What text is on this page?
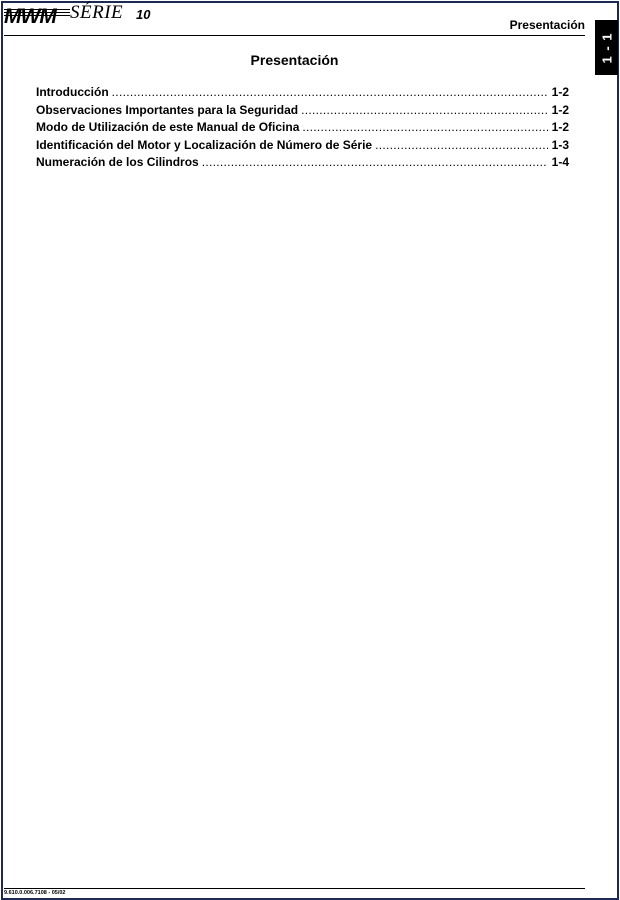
MWM SÉRIE 10
Presentación
1 - 1
Presentación
Introducción .....	1-2
Observaciones Importantes para la Seguridad .....	1-2
Modo de Utilización de este Manual de Oficina .....	1-2
Identificación del Motor y Localización de Número de Série .....	1-3
Numeración de los Cilindros .....	1-4
9.610.0.006.7108 - 05/02
